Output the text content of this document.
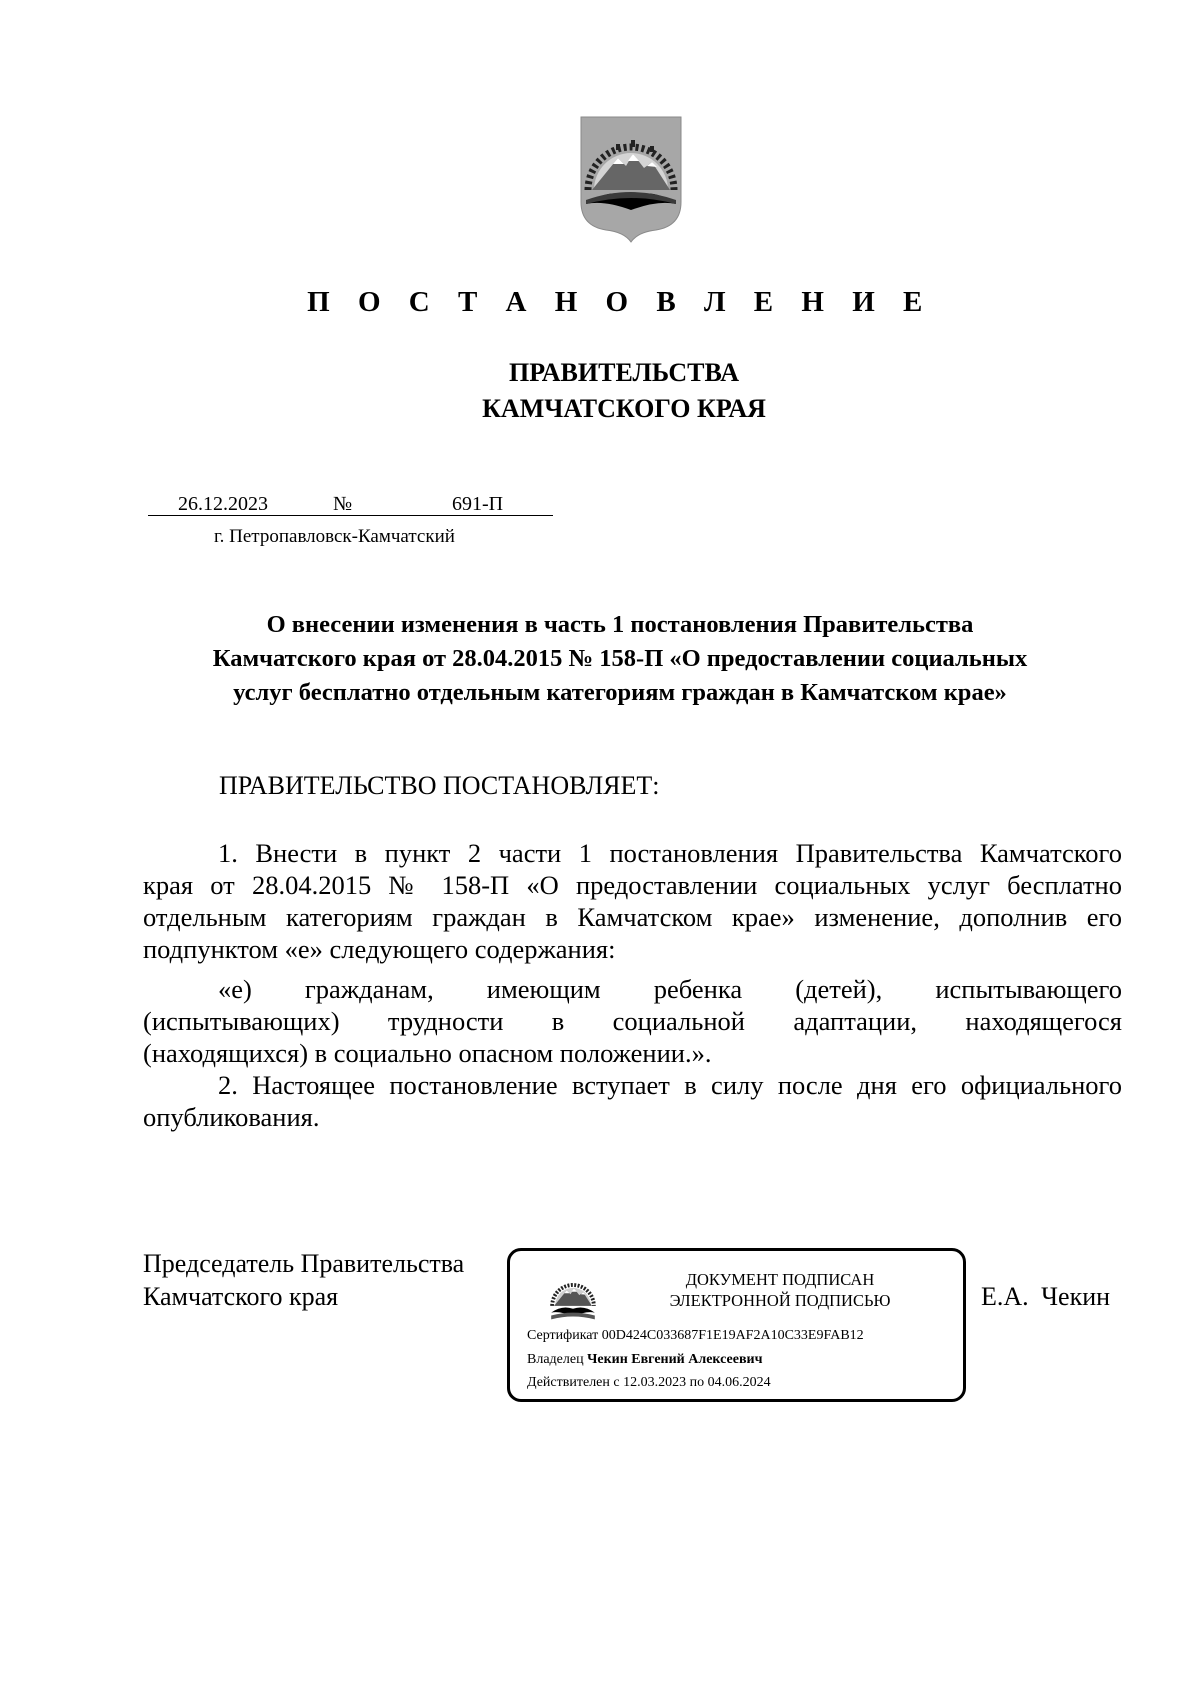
П О С Т А Н О В Л Е Н И Е
ПРАВИТЕЛЬСТВА
КАМЧАТСКОГО КРАЯ
26.12.2023	№	691-П
г. Петропавловск-Камчатский
О внесении изменения в часть 1 постановления Правительства
Камчатского края от 28.04.2015 № 158-П «О предоставлении социальных
услуг бесплатно отдельным категориям граждан в Камчатском крае»
ПРАВИТЕЛЬСТВО ПОСТАНОВЛЯЕТ:
1. Внести в пункт 2 части 1 постановления Правительства Камчатского
края от 28.04.2015 № 158-П «О предоставлении социальных услуг бесплатно
отдельным категориям граждан в Камчатском крае» изменение, дополнив его
подпунктом «е» следующего содержания:
«е) гражданам, имеющим ребенка (детей), испытывающего
(испытывающих) трудности в социальной адаптации, находящегося
(находящихся) в социально опасном положении.».
2. Настоящее постановление вступает в силу после дня его официального
опубликования.
Председатель Правительства
Камчатского края	Е.А. Чекин
ДОКУМЕНТ ПОДПИСАН
ЭЛЕКТРОННОЙ ПОДПИСЬЮ
Сертификат 00D424C033687F1E19AF2A10C33E9FAB12
Владелец Чекин Евгений Алексеевич
Действителен с 12.03.2023 по 04.06.2024
